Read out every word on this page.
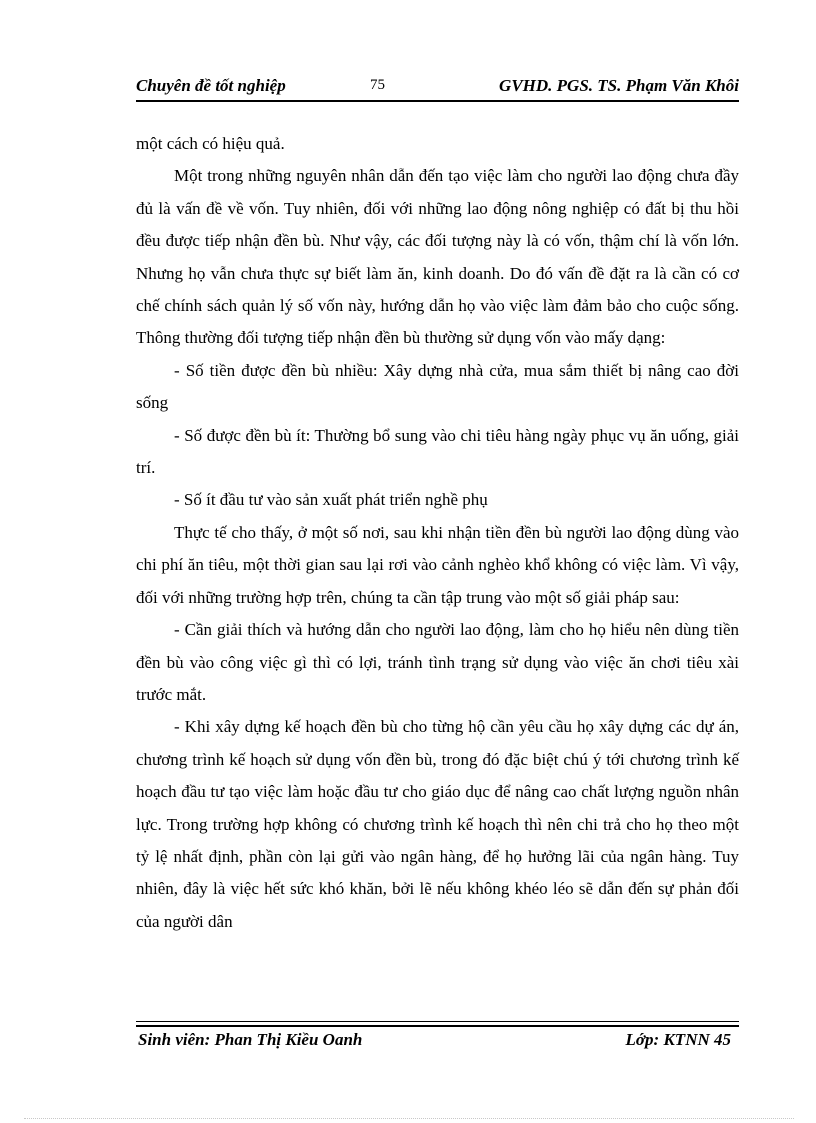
Chuyên đề tốt nghiệp	75	GVHD. PGS. TS. Phạm Văn Khôi

một cách có hiệu quả.

Một trong những nguyên nhân dẫn đến tạo việc làm cho người lao động chưa đầy đủ là vấn đề về vốn. Tuy nhiên, đối với những lao động nông nghiệp có đất bị thu hồi đều được tiếp nhận đền bù. Như vậy, các đối tượng này là có vốn, thậm chí là vốn lớn. Nhưng họ vẫn chưa thực sự biết làm ăn, kinh doanh. Do đó vấn đề đặt ra là cần có cơ chế chính sách quản lý số vốn này, hướng dẫn họ vào việc làm đảm bảo cho cuộc sống. Thông thường đối tượng tiếp nhận đền bù thường sử dụng vốn vào mấy dạng:

- Số tiền được đền bù nhiều: Xây dựng nhà cửa, mua sắm thiết bị nâng cao đời sống

- Số được đền bù ít: Thường bổ sung vào chi tiêu hàng ngày phục vụ ăn uống, giải trí.

- Số ít đầu tư vào sản xuất phát triển nghề phụ

Thực tế cho thấy, ở một số nơi, sau khi nhận tiền đền bù người lao động dùng vào chi phí ăn tiêu, một thời gian sau lại rơi vào cảnh nghèo khổ không có việc làm. Vì vậy, đối với những trường hợp trên, chúng ta cần tập trung vào một số giải pháp sau:

- Cần giải thích và hướng dẫn cho người lao động, làm cho họ hiểu nên dùng tiền đền bù vào công việc gì thì có lợi, tránh tình trạng sử dụng vào việc ăn chơi tiêu xài trước mắt.

- Khi xây dựng kế hoạch đền bù cho từng hộ cần yêu cầu họ xây dựng các dự án, chương trình kế hoạch sử dụng vốn đền bù, trong đó đặc biệt chú ý tới chương trình kế hoạch đầu tư tạo việc làm hoặc đầu tư cho giáo dục để nâng cao chất lượng nguồn nhân lực. Trong trường hợp không có chương trình kế hoạch thì nên chi trả cho họ theo một tỷ lệ nhất định, phần còn lại gửi vào ngân hàng, để họ hưởng lãi của ngân hàng. Tuy nhiên, đây là việc hết sức khó khăn, bởi lẽ nếu không khéo léo sẽ dẫn đến sự phản đối của người dân

Sinh viên: Phan Thị Kiều Oanh	Lớp: KTNN 45
